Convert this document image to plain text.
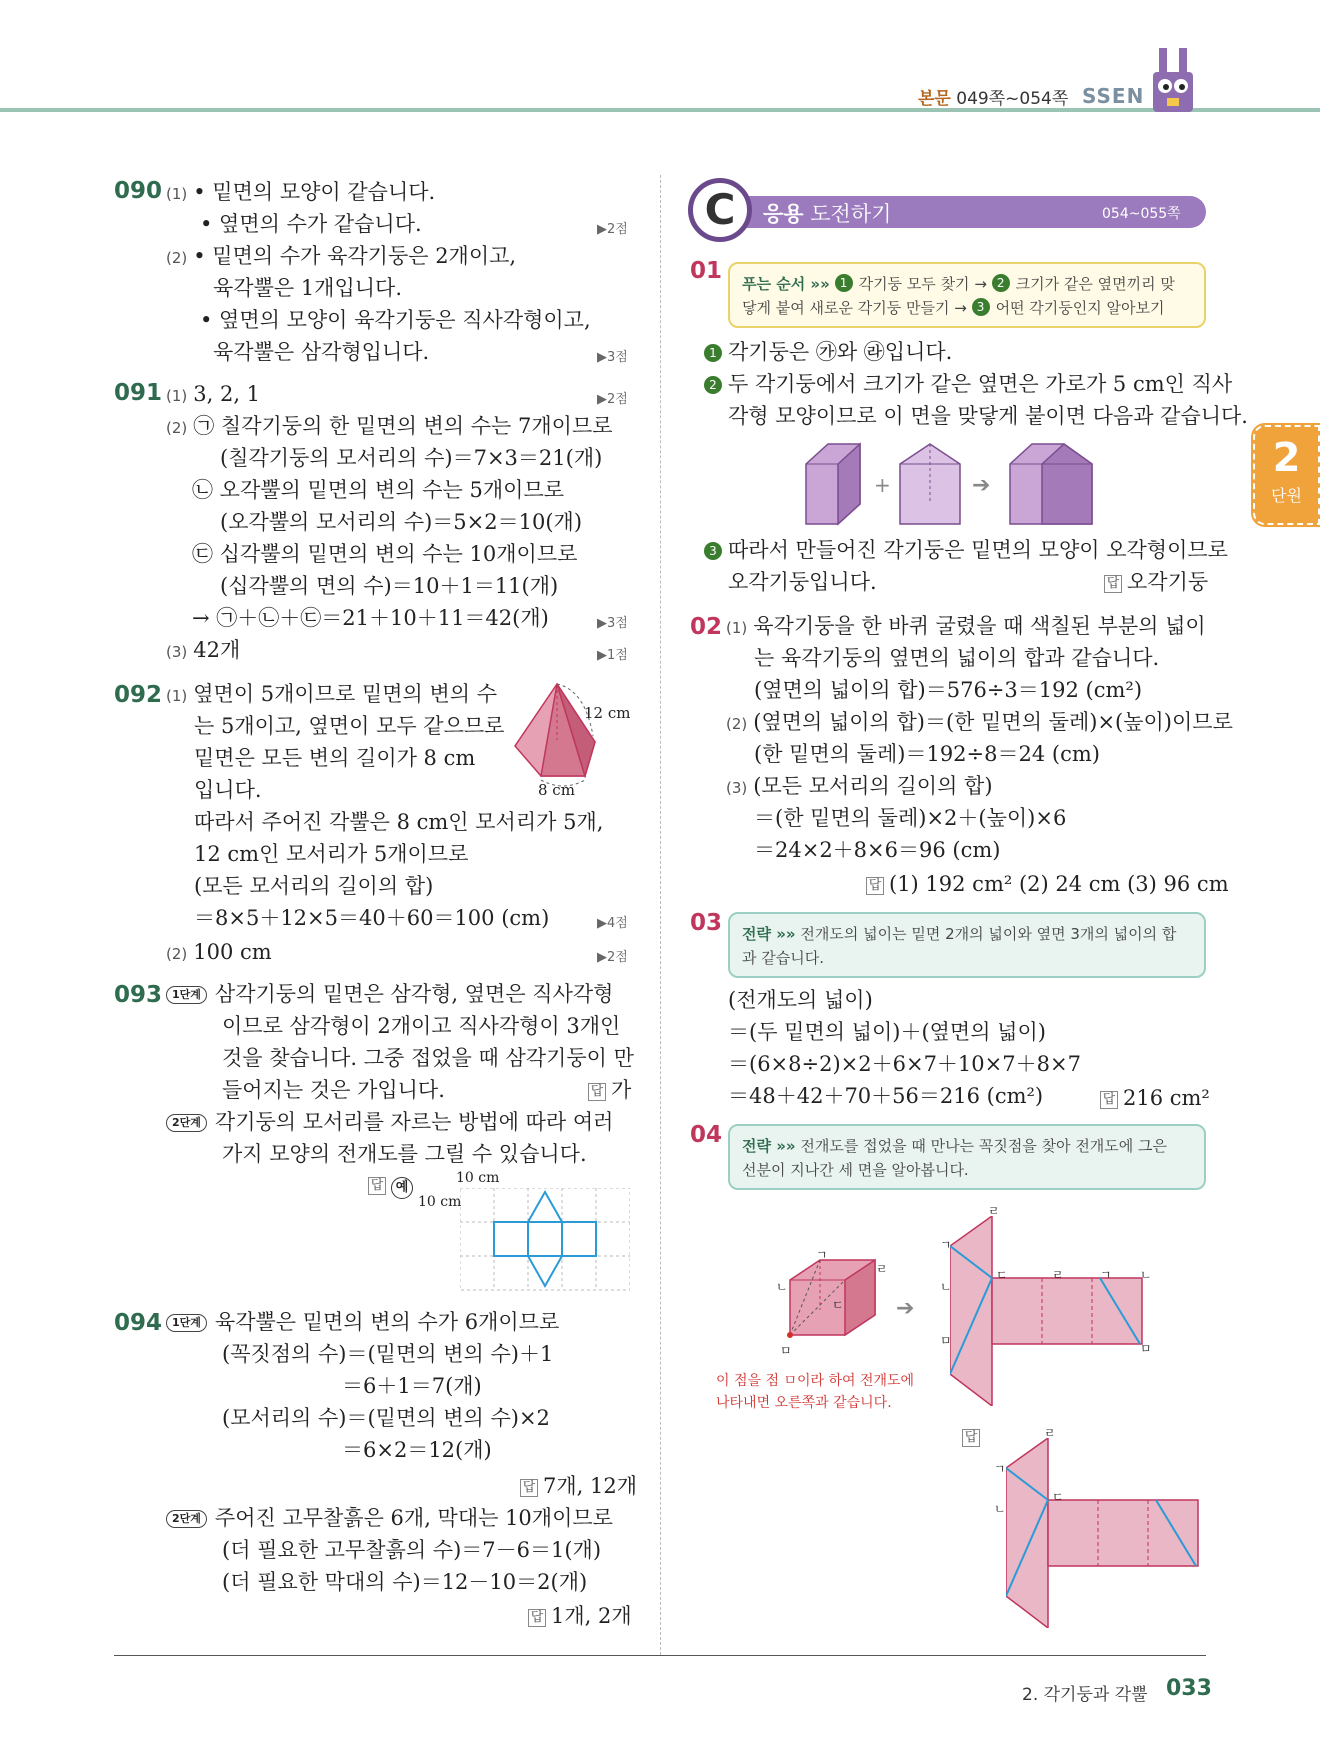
본문 049쪽~054쪽 SSEN
2
단원
090 (1) • 밑면의 모양이 같습니다.
• 옆면의 수가 같습니다.	▶2점
(2) • 밑면의 수가 육각기둥은 2개이고,
육각뿔은 1개입니다.
• 옆면의 모양이 육각기둥은 직사각형이고,
육각뿔은 삼각형입니다.	▶3점
091 (1) 3, 2, 1	▶2점
(2) ㉠ 칠각기둥의 한 밑면의 변의 수는 7개이므로
(칠각기둥의 모서리의 수)＝7×3＝21(개)
㉡ 오각뿔의 밑면의 변의 수는 5개이므로
(오각뿔의 모서리의 수)＝5×2＝10(개)
㉢ 십각뿔의 밑면의 변의 수는 10개이므로
(십각뿔의 면의 수)＝10＋1＝11(개)
→ ㉠＋㉡＋㉢＝21＋10＋11＝42(개)	▶3점
(3) 42개	▶1점
092 (1) 옆면이 5개이므로 밑면의 변의 수
는 5개이고, 옆면이 모두 같으므로
밑면은 모든 변의 길이가 8 cm
입니다.
12 cm
8 cm
따라서 주어진 각뿔은 8 cm인 모서리가 5개,
12 cm인 모서리가 5개이므로
(모든 모서리의 길이의 합)
＝8×5＋12×5＝40＋60＝100 (cm)	▶4점
(2) 100 cm	▶2점
093 1단계 삼각기둥의 밑면은 삼각형, 옆면은 직사각형
이므로 삼각형이 2개이고 직사각형이 3개인
것을 찾습니다. 그중 접었을 때 삼각기둥이 만
들어지는 것은 가입니다.	답 가
2단계 각기둥의 모서리를 자르는 방법에 따라 여러
가지 모양의 전개도를 그릴 수 있습니다.
답 예
10 cm
10 cm
094 1단계 육각뿔은 밑면의 변의 수가 6개이므로
(꼭짓점의 수)＝(밑면의 변의 수)＋1
＝6＋1＝7(개)
(모서리의 수)＝(밑면의 변의 수)×2
＝6×2＝12(개)
답 7개, 12개
2단계 주어진 고무찰흙은 6개, 막대는 10개이므로
(더 필요한 고무찰흙의 수)＝7－6＝1(개)
(더 필요한 막대의 수)＝12－10＝2(개)
답 1개, 2개
C	응용 도전하기	054~055쪽
01 푸는 순서 »» 1 각기둥 모두 찾기 → 2 크기가 같은 옆면끼리 맞
닿게 붙여 새로운 각기둥 만들기 → 3 어떤 각기둥인지 알아보기
1 각기둥은 ㉮와 ㉱입니다.
2 두 각기둥에서 크기가 같은 옆면은 가로가 5 cm인 직사
각형 모양이므로 이 면을 맞닿게 붙이면 다음과 같습니다.
+	➔
3 따라서 만들어진 각기둥은 밑면의 모양이 오각형이므로
오각기둥입니다.	답 오각기둥
02 (1) 육각기둥을 한 바퀴 굴렸을 때 색칠된 부분의 넓이
는 육각기둥의 옆면의 넓이의 합과 같습니다.
(옆면의 넓이의 합)＝576÷3＝192 (cm²)
(2) (옆면의 넓이의 합)＝(한 밑면의 둘레)×(높이)이므로
(한 밑면의 둘레)＝192÷8＝24 (cm)
(3) (모든 모서리의 길이의 합)
＝(한 밑면의 둘레)×2＋(높이)×6
＝24×2＋8×6＝96 (cm)
답 (1) 192 cm² (2) 24 cm (3) 96 cm
03 전략 »» 전개도의 넓이는 밑면 2개의 넓이와 옆면 3개의 넓이의 합
과 같습니다.
(전개도의 넓이)
＝(두 밑면의 넓이)＋(옆면의 넓이)
＝(6×8÷2)×2＋6×7＋10×7＋8×7
＝48＋42＋70＋56＝216 (cm²)	답 216 cm²
04 전략 »» 전개도를 접었을 때 만나는 꼭짓점을 찾아 전개도에 그은
선분이 지나간 세 면을 알아봅니다.
ㄱ
ㄴ
ㄷ
ㄹ
ㅁ
➔
이 점을 점 ㅁ이라 하여 전개도에
나타내면 오른쪽과 같습니다.
ㄹ
ㄱ
ㄴ
ㄷ	ㄹ	ㄱ ㄴ
ㅁ
ㅁ
답	ㄹ
ㄱ
ㄴ
ㄷ
2. 각기둥과 각뿔 033
